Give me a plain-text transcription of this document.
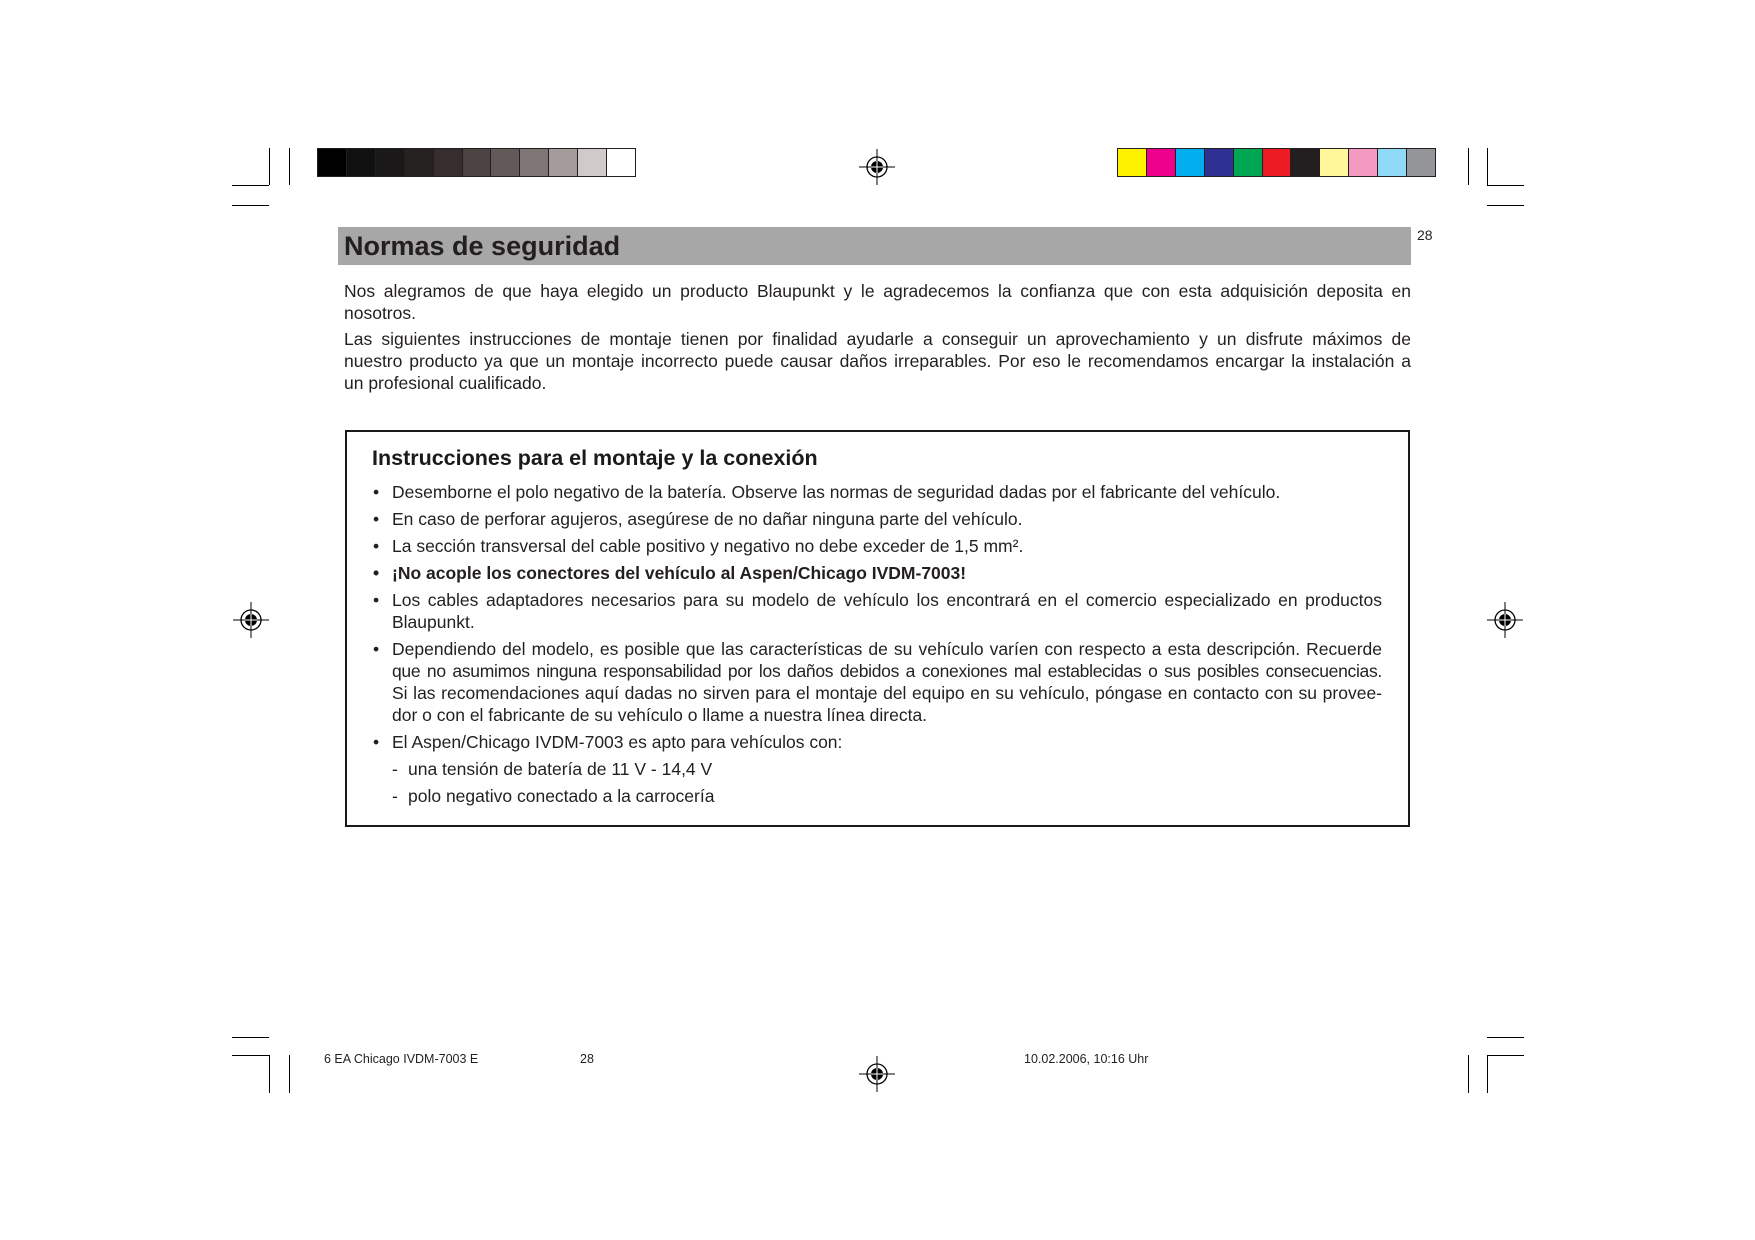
Normas de seguridad	28

Nos alegramos de que haya elegido un producto Blaupunkt y le agradecemos la confianza que con esta adquisición deposita en
nosotros.

Las siguientes instrucciones de montaje tienen por finalidad ayudarle a conseguir un aprovechamiento y un disfrute máximos de
nuestro producto ya que un montaje incorrecto puede causar daños irreparables. Por eso le recomendamos encargar la instalación a
un profesional cualificado.

Instrucciones para el montaje y la conexión
• Desemborne el polo negativo de la batería. Observe las normas de seguridad dadas por el fabricante del vehículo.
• En caso de perforar agujeros, asegúrese de no dañar ninguna parte del vehículo.
• La sección transversal del cable positivo y negativo no debe exceder de 1,5 mm².
• ¡No acople los conectores del vehículo al Aspen/Chicago IVDM-7003!
• Los cables adaptadores necesarios para su modelo de vehículo los encontrará en el comercio especializado en productos
Blaupunkt.
• Dependiendo del modelo, es posible que las características de su vehículo varíen con respecto a esta descripción. Recuerde
que no asumimos ninguna responsabilidad por los daños debidos a conexiones mal establecidas o sus posibles consecuencias.
Si las recomendaciones aquí dadas no sirven para el montaje del equipo en su vehículo, póngase en contacto con su provee-
dor o con el fabricante de su vehículo o llame a nuestra línea directa.
• El Aspen/Chicago IVDM-7003 es apto para vehículos con:
- una tensión de batería de 11 V - 14,4 V
- polo negativo conectado a la carrocería
6 EA Chicago IVDM-7003 E	28	10.02.2006, 10:16 Uhr
